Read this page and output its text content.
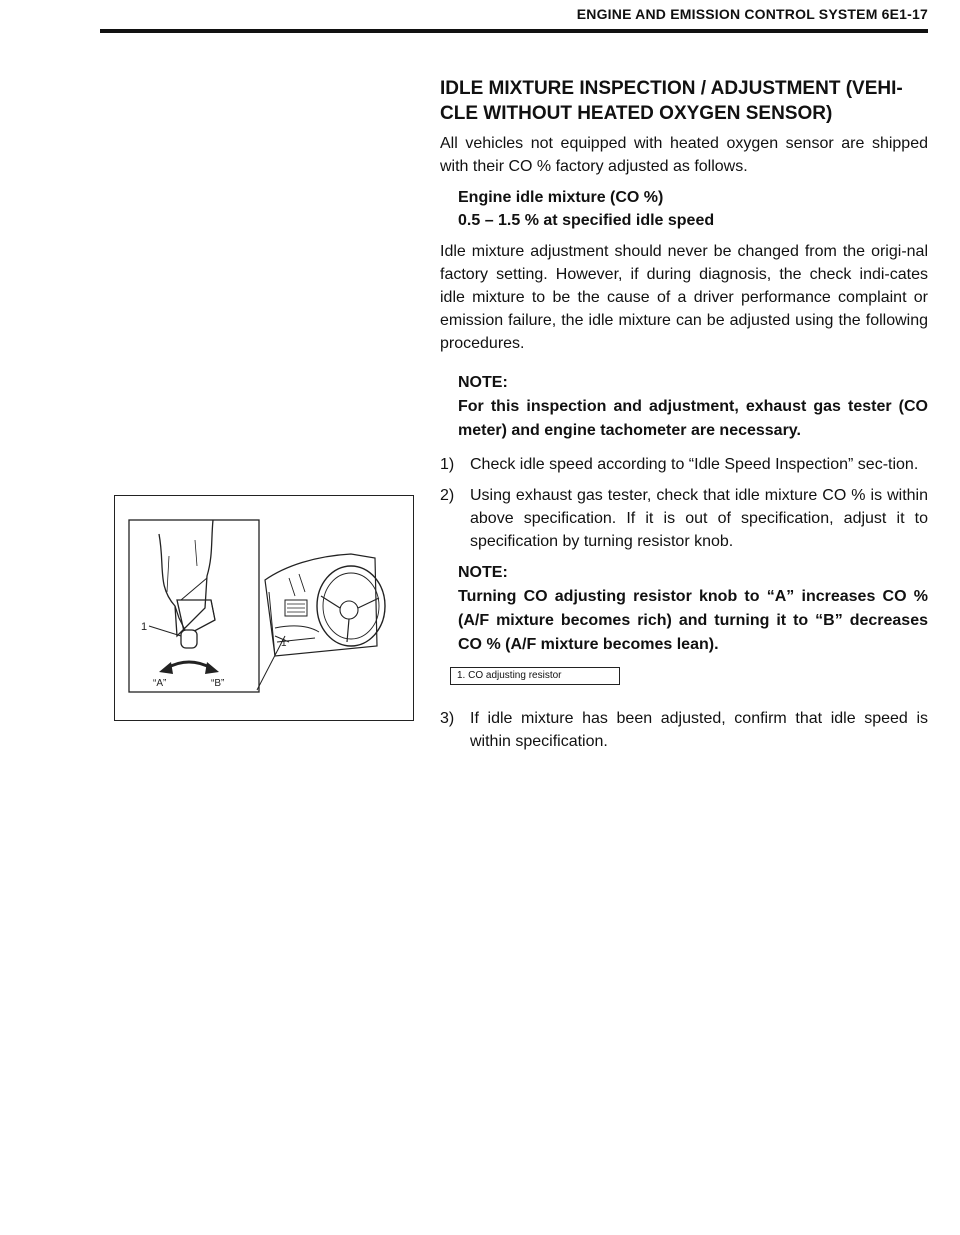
ENGINE AND EMISSION CONTROL SYSTEM 6E1-17
1
“A”	“B”
1
IDLE MIXTURE INSPECTION / ADJUSTMENT (VEHI-CLE WITHOUT HEATED OXYGEN SENSOR)
All vehicles not equipped with heated oxygen sensor are shipped with their CO % factory adjusted as follows.
Engine idle mixture (CO %)
0.5 – 1.5 % at specified idle speed
Idle mixture adjustment should never be changed from the origi-nal factory setting. However, if during diagnosis, the check indi-cates idle mixture to be the cause of a driver performance complaint or emission failure, the idle mixture can be adjusted using the following procedures.
NOTE:
For this inspection and adjustment, exhaust gas tester (CO meter) and engine tachometer are necessary.
1) Check idle speed according to “Idle Speed Inspection” sec-tion.
2) Using exhaust gas tester, check that idle mixture CO % is within above specification. If it is out of specification, adjust it to specification by turning resistor knob.
NOTE:
Turning CO adjusting resistor knob to “A” increases CO % (A/F mixture becomes rich) and turning it to “B” decreases CO % (A/F mixture becomes lean).
1. CO adjusting resistor
3) If idle mixture has been adjusted, confirm that idle speed is within specification.
